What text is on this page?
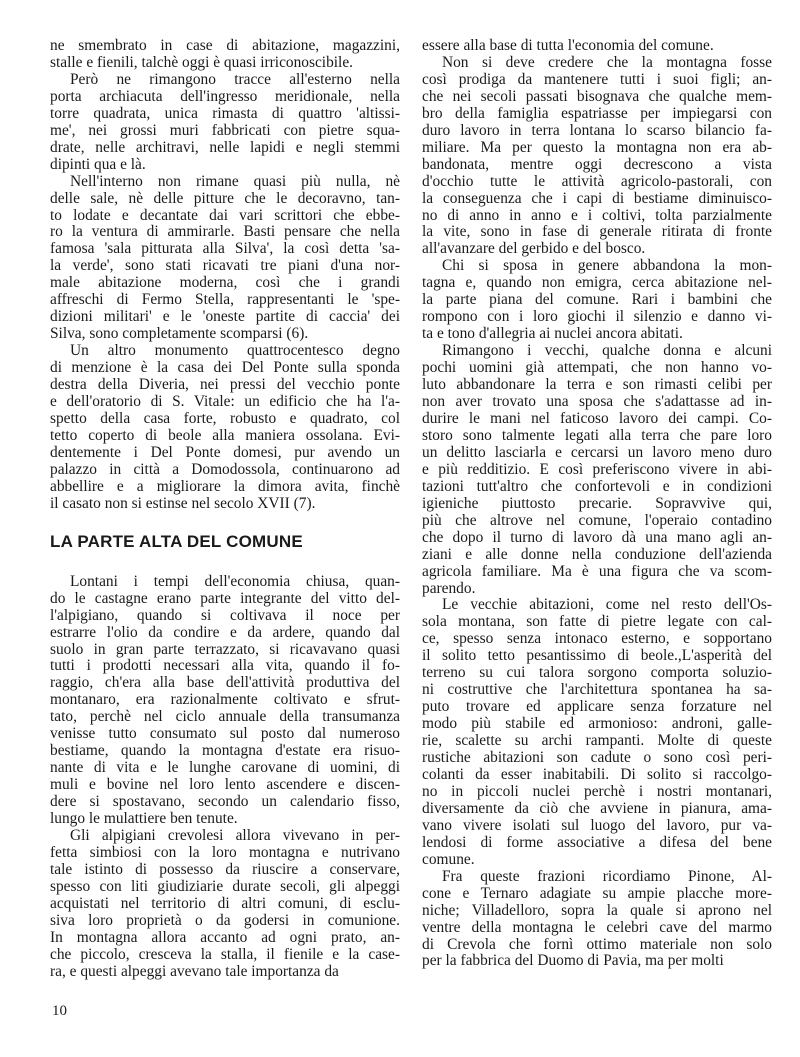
ne smembrato in case di abitazione, magazzini,
stalle e fienili, talchè oggi è quasi irriconoscibile.
Però ne rimangono tracce all'esterno nella
porta archiacuta dell'ingresso meridionale, nella
torre quadrata, unica rimasta di quattro 'altissi-
me', nei grossi muri fabbricati con pietre squa-
drate, nelle architravi, nelle lapidi e negli stemmi
dipinti qua e là.
Nell'interno non rimane quasi più nulla, nè
delle sale, nè delle pitture che le decoravno, tan-
to lodate e decantate dai vari scrittori che ebbe-
ro la ventura di ammirarle. Basti pensare che nella
famosa 'sala pitturata alla Silva', la così detta 'sa-
la verde', sono stati ricavati tre piani d'una nor-
male abitazione moderna, così che i grandi
affreschi di Fermo Stella, rappresentanti le 'spe-
dizioni militari' e le 'oneste partite di caccia' dei
Silva, sono completamente scomparsi (6).
Un altro monumento quattrocentesco degno
di menzione è la casa dei Del Ponte sulla sponda
destra della Diveria, nei pressi del vecchio ponte
e dell'oratorio di S. Vitale: un edificio che ha l'a-
spetto della casa forte, robusto e quadrato, col
tetto coperto di beole alla maniera ossolana. Evi-
dentemente i Del Ponte domesi, pur avendo un
palazzo in città a Domodossola, continuarono ad
abbellire e a migliorare la dimora avita, finchè
il casato non si estinse nel secolo XVII (7).
LA PARTE ALTA DEL COMUNE
Lontani i tempi dell'economia chiusa, quan-
do le castagne erano parte integrante del vitto del-
l'alpigiano, quando si coltivava il noce per
estrarre l'olio da condire e da ardere, quando dal
suolo in gran parte terrazzato, si ricavavano quasi
tutti i prodotti necessari alla vita, quando il fo-
raggio, ch'era alla base dell'attività produttiva del
montanaro, era razionalmente coltivato e sfrut-
tato, perchè nel ciclo annuale della transumanza
venisse tutto consumato sul posto dal numeroso
bestiame, quando la montagna d'estate era risuo-
nante di vita e le lunghe carovane di uomini, di
muli e bovine nel loro lento ascendere e discen-
dere si spostavano, secondo un calendario fisso,
lungo le mulattiere ben tenute.
Gli alpigiani crevolesi allora vivevano in per-
fetta simbiosi con la loro montagna e nutrivano
tale istinto di possesso da riuscire a conservare,
spesso con liti giudiziarie durate secoli, gli alpeggi
acquistati nel territorio di altri comuni, di esclu-
siva loro proprietà o da godersi in comunione.
In montagna allora accanto ad ogni prato, an-
che piccolo, cresceva la stalla, il fienile e la case-
ra, e questi alpeggi avevano tale importanza da
essere alla base di tutta l'economia del comune.
Non si deve credere che la montagna fosse
così prodiga da mantenere tutti i suoi figli; an-
che nei secoli passati bisognava che qualche mem-
bro della famiglia espatriasse per impiegarsi con
duro lavoro in terra lontana lo scarso bilancio fa-
miliare. Ma per questo la montagna non era ab-
bandonata, mentre oggi decrescono a vista
d'occhio tutte le attività agricolo-pastorali, con
la conseguenza che i capi di bestiame diminuisco-
no di anno in anno e i coltivi, tolta parzialmente
la vite, sono in fase di generale ritirata di fronte
all'avanzare del gerbido e del bosco.
Chi si sposa in genere abbandona la mon-
tagna e, quando non emigra, cerca abitazione nel-
la parte piana del comune. Rari i bambini che
rompono con i loro giochi il silenzio e danno vi-
ta e tono d'allegria ai nuclei ancora abitati.
Rimangono i vecchi, qualche donna e alcuni
pochi uomini già attempati, che non hanno vo-
luto abbandonare la terra e son rimasti celibi per
non aver trovato una sposa che s'adattasse ad in-
durire le mani nel faticoso lavoro dei campi. Co-
storo sono talmente legati alla terra che pare loro
un delitto lasciarla e cercarsi un lavoro meno duro
e più redditizio. E così preferiscono vivere in abi-
tazioni tutt'altro che confortevoli e in condizioni
igieniche piuttosto precarie. Sopravvive qui,
più che altrove nel comune, l'operaio contadino
che dopo il turno di lavoro dà una mano agli an-
ziani e alle donne nella conduzione dell'azienda
agricola familiare. Ma è una figura che va scom-
parendo.
Le vecchie abitazioni, come nel resto dell'Os-
sola montana, son fatte di pietre legate con cal-
ce, spesso senza intonaco esterno, e sopportano
il solito tetto pesantissimo di beole.,L'asperità del
terreno su cui talora sorgono comporta soluzio-
ni costruttive che l'architettura spontanea ha sa-
puto trovare ed applicare senza forzature nel
modo più stabile ed armonioso: androni, galle-
rie, scalette su archi rampanti. Molte di queste
rustiche abitazioni son cadute o sono così peri-
colanti da esser inabitabili. Di solito si raccolgo-
no in piccoli nuclei perchè i nostri montanari,
diversamente da ciò che avviene in pianura, ama-
vano vivere isolati sul luogo del lavoro, pur va-
lendosi di forme associative a difesa del bene
comune.
Fra queste frazioni ricordiamo Pinone, Al-
cone e Ternaro adagiate su ampie placche more-
niche; Villadelloro, sopra la quale si aprono nel
ventre della montagna le celebri cave del marmo
di Crevola che fornì ottimo materiale non solo
per la fabbrica del Duomo di Pavia, ma per molti
10
